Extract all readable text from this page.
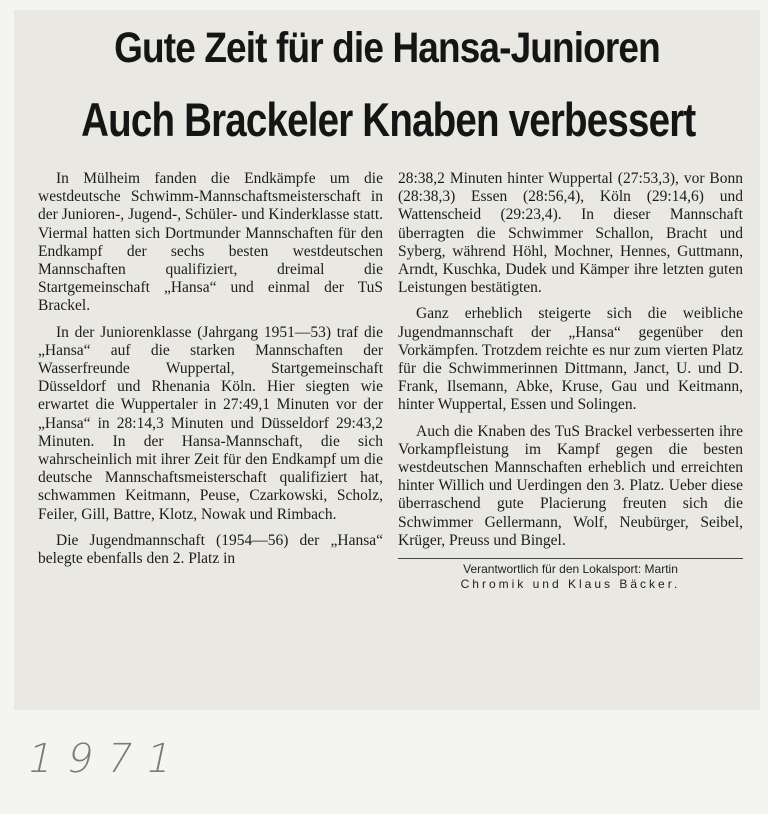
Gute Zeit für die Hansa-Junioren
Auch Brackeler Knaben verbessert

In Mülheim fanden die Endkämpfe um die westdeutsche Schwimm-Mannschaftsmeisterschaft in der Junioren-, Jugend-, Schüler- und Kinderklasse statt. Viermal hatten sich Dortmunder Mannschaften für den Endkampf der sechs besten westdeutschen Mannschaften qualifiziert, dreimal die Startgemeinschaft „Hansa“ und einmal der TuS Brackel.

In der Juniorenklasse (Jahrgang 1951—53) traf die „Hansa“ auf die starken Mannschaften der Wasserfreunde Wuppertal, Startgemeinschaft Düsseldorf und Rhenania Köln. Hier siegten wie erwartet die Wuppertaler in 27:49,1 Minuten vor der „Hansa“ in 28:14,3 Minuten und Düsseldorf 29:43,2 Minuten. In der Hansa-Mannschaft, die sich wahrscheinlich mit ihrer Zeit für den Endkampf um die deutsche Mannschaftsmeisterschaft qualifiziert hat, schwammen Keitmann, Peuse, Czarkowski, Scholz, Feiler, Gill, Battre, Klotz, Nowak und Rimbach.

Die Jugendmannschaft (1954—56) der „Hansa“ belegte ebenfalls den 2. Platz in

28:38,2 Minuten hinter Wuppertal (27:53,3), vor Bonn (28:38,3) Essen (28:56,4), Köln (29:14,6) und Wattenscheid (29:23,4). In dieser Mannschaft überragten die Schwimmer Schallon, Bracht und Syberg, während Höhl, Mochner, Hennes, Guttmann, Arndt, Kuschka, Dudek und Kämper ihre letzten guten Leistungen bestätigten.

Ganz erheblich steigerte sich die weibliche Jugendmannschaft der „Hansa“ gegenüber den Vorkämpfen. Trotzdem reichte es nur zum vierten Platz für die Schwimmerinnen Dittmann, Janct, U. und D. Frank, Ilsemann, Abke, Kruse, Gau und Keitmann, hinter Wuppertal, Essen und Solingen.

Auch die Knaben des TuS Brackel verbesserten ihre Vorkampfleistung im Kampf gegen die besten westdeutschen Mannschaften erheblich und erreichten hinter Willich und Uerdingen den 3. Platz. Ueber diese überraschend gute Placierung freuten sich die Schwimmer Gellermann, Wolf, Neubürger, Seibel, Krüger, Preuss und Bingel.

Verantwortlich für den Lokalsport: Martin
Chromik und Klaus Bäcker.
1971
